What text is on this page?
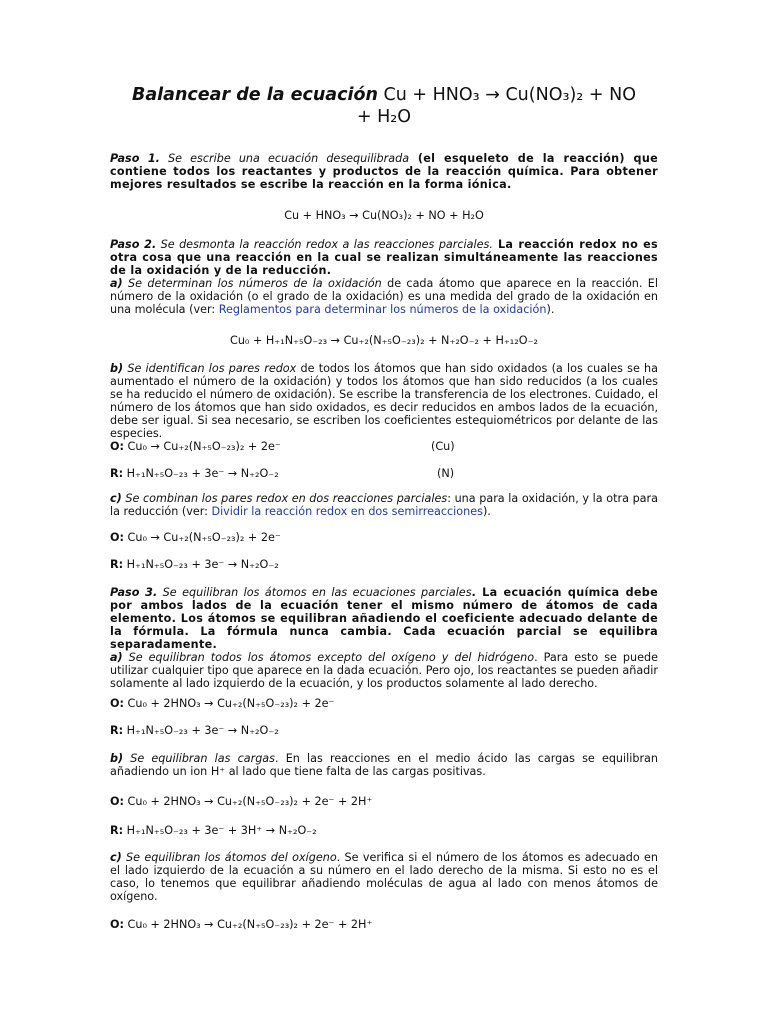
Balancear de la ecuación Cu + HNO₃ → Cu(NO₃)₂ + NO
+ H₂O
Paso 1. Se escribe una ecuación desequilibrada (el esqueleto de la reacción) que contiene todos los reactantes y productos de la reacción química. Para obtener mejores resultados se escribe la reacción en la forma iónica.
Cu + HNO₃ → Cu(NO₃)₂ + NO + H₂O
Paso 2. Se desmonta la reacción redox a las reacciones parciales. La reacción redox no es otra cosa que una reacción en la cual se realizan simultáneamente las reacciones de la oxidación y de la reducción.
a) Se determinan los números de la oxidación de cada átomo que aparece en la reacción. El número de la oxidación (o el grado de la oxidación) es una medida del grado de la oxidación en una molécula (ver: Reglamentos para determinar los números de la oxidación).
Cu₀ + H₊₁N₊₅O₋₂₃ → Cu₊₂(N₊₅O₋₂₃)₂ + N₊₂O₋₂ + H₊₁₂O₋₂
b) Se identifican los pares redox de todos los átomos que han sido oxidados (a los cuales se ha aumentado el número de la oxidación) y todos los átomos que han sido reducidos (a los cuales se ha reducido el número de oxidación). Se escribe la transferencia de los electrones. Cuidado, el número de los átomos que han sido oxidados, es decir reducidos en ambos lados de la ecuación, debe ser igual. Si sea necesario, se escriben los coeficientes estequiométricos por delante de las especies.
O: Cu₀ → Cu₊₂(N₊₅O₋₂₃)₂ + 2e⁻	(Cu)
R: H₊₁N₊₅O₋₂₃ + 3e⁻ → N₊₂O₋₂	(N)
c) Se combinan los pares redox en dos reacciones parciales: una para la oxidación, y la otra para la reducción (ver: Dividir la reacción redox en dos semirreacciones).
O: Cu₀ → Cu₊₂(N₊₅O₋₂₃)₂ + 2e⁻
R: H₊₁N₊₅O₋₂₃ + 3e⁻ → N₊₂O₋₂
Paso 3. Se equilibran los átomos en las ecuaciones parciales. La ecuación química debe por ambos lados de la ecuación tener el mismo número de átomos de cada elemento. Los átomos se equilibran añadiendo el coeficiente adecuado delante de la fórmula. La fórmula nunca cambia. Cada ecuación parcial se equilibra separadamente.
a) Se equilibran todos los átomos excepto del oxígeno y del hidrógeno. Para esto se puede utilizar cualquier tipo que aparece en la dada ecuación. Pero ojo, los reactantes se pueden añadir solamente al lado izquierdo de la ecuación, y los productos solamente al lado derecho.
O: Cu₀ + 2HNO₃ → Cu₊₂(N₊₅O₋₂₃)₂ + 2e⁻
R: H₊₁N₊₅O₋₂₃ + 3e⁻ → N₊₂O₋₂
b) Se equilibran las cargas. En las reacciones en el medio ácido las cargas se equilibran añadiendo un ion H⁺ al lado que tiene falta de las cargas positivas.
O: Cu₀ + 2HNO₃ → Cu₊₂(N₊₅O₋₂₃)₂ + 2e⁻ + 2H⁺
R: H₊₁N₊₅O₋₂₃ + 3e⁻ + 3H⁺ → N₊₂O₋₂
c) Se equilibran los átomos del oxígeno. Se verifica si el número de los átomos es adecuado en el lado izquierdo de la ecuación a su número en el lado derecho de la misma. Si esto no es el caso, lo tenemos que equilibrar añadiendo moléculas de agua al lado con menos átomos de oxígeno.
O: Cu₀ + 2HNO₃ → Cu₊₂(N₊₅O₋₂₃)₂ + 2e⁻ + 2H⁺
